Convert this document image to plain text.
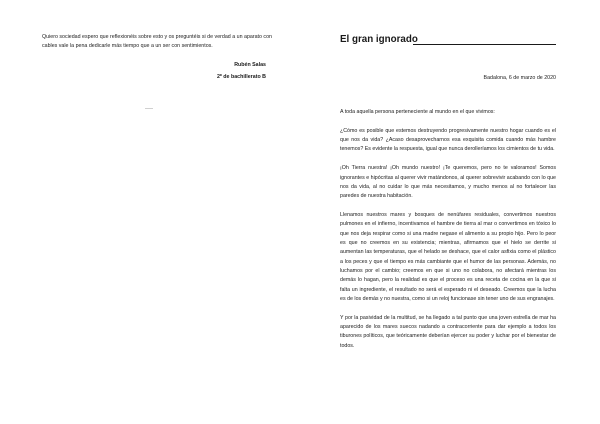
Quiero sociedad espero que reflexionéis sobre esto y os preguntéis si de verdad a un aparato con cables vale la pena dedicarle más tiempo que a un ser con sentimientos.
Rubén Salas
2º de bachillerato B
········
El gran ignorado
Badalona, 6 de marzo de 2020

A toda aquella persona perteneciente al mundo en el que vivimos:

¿Cómo es posible que estemos destruyendo progresivamente nuestro hogar cuando es el que nos da vida? ¿Acaso desaprovecharnos esa exquisita comida cuando más hambre tenemos? Es evidente la respuesta, igual que nunca derolleríamos los cimientos de tu vida.

¡Oh Tierra nuestra! ¡Oh mundo nuestro! ¡Te queremos, pero no te valoramos! Somos ignorantes e hipócritas al querer vivir matándonos, al querer sobrevivir acabando con lo que nos da vida, al no cuidar lo que más necesitamos, y mucho menos al no fortalecer las paredes de nuestra habitación.

Llenamos nuestros mares y bosques de nenúfares residuales, convertimos nuestros pulmones en el infierno, incentivamos el hambre de tierra al mar o convertimos en tóxico lo que nos deja respirar como si una madre negase el alimento a su propio hijo. Pero lo peor es que no creemos en su existencia; mientras, afirmamos que el hielo se derrite si aumentan las temperaturas, que el helado se deshace, que el calor asfixia como el plástico a los peces y que el tiempo es más cambiante que el humor de las personas. Además, no luchamos por el cambio; creemos en que si uno no colabora, no afectará mientras los demás lo hagan, pero la realidad es que el proceso es una receta de cocina en la que si falta un ingrediente, el resultado no será el esperado ni el deseado. Creemos que la lucha es de los demás y no nuestra, como si un reloj funcionase sin tener uno de sus engranajes.

Y por la pasividad de la multitud, se ha llegado a tal punto que una joven estrella de mar ha aparecido de los mares suecos nadando a contracorriente para dar ejemplo a todos los tiburones políticos, que teóricamente deberían ejercer su poder y luchar por el bienestar de todos.
